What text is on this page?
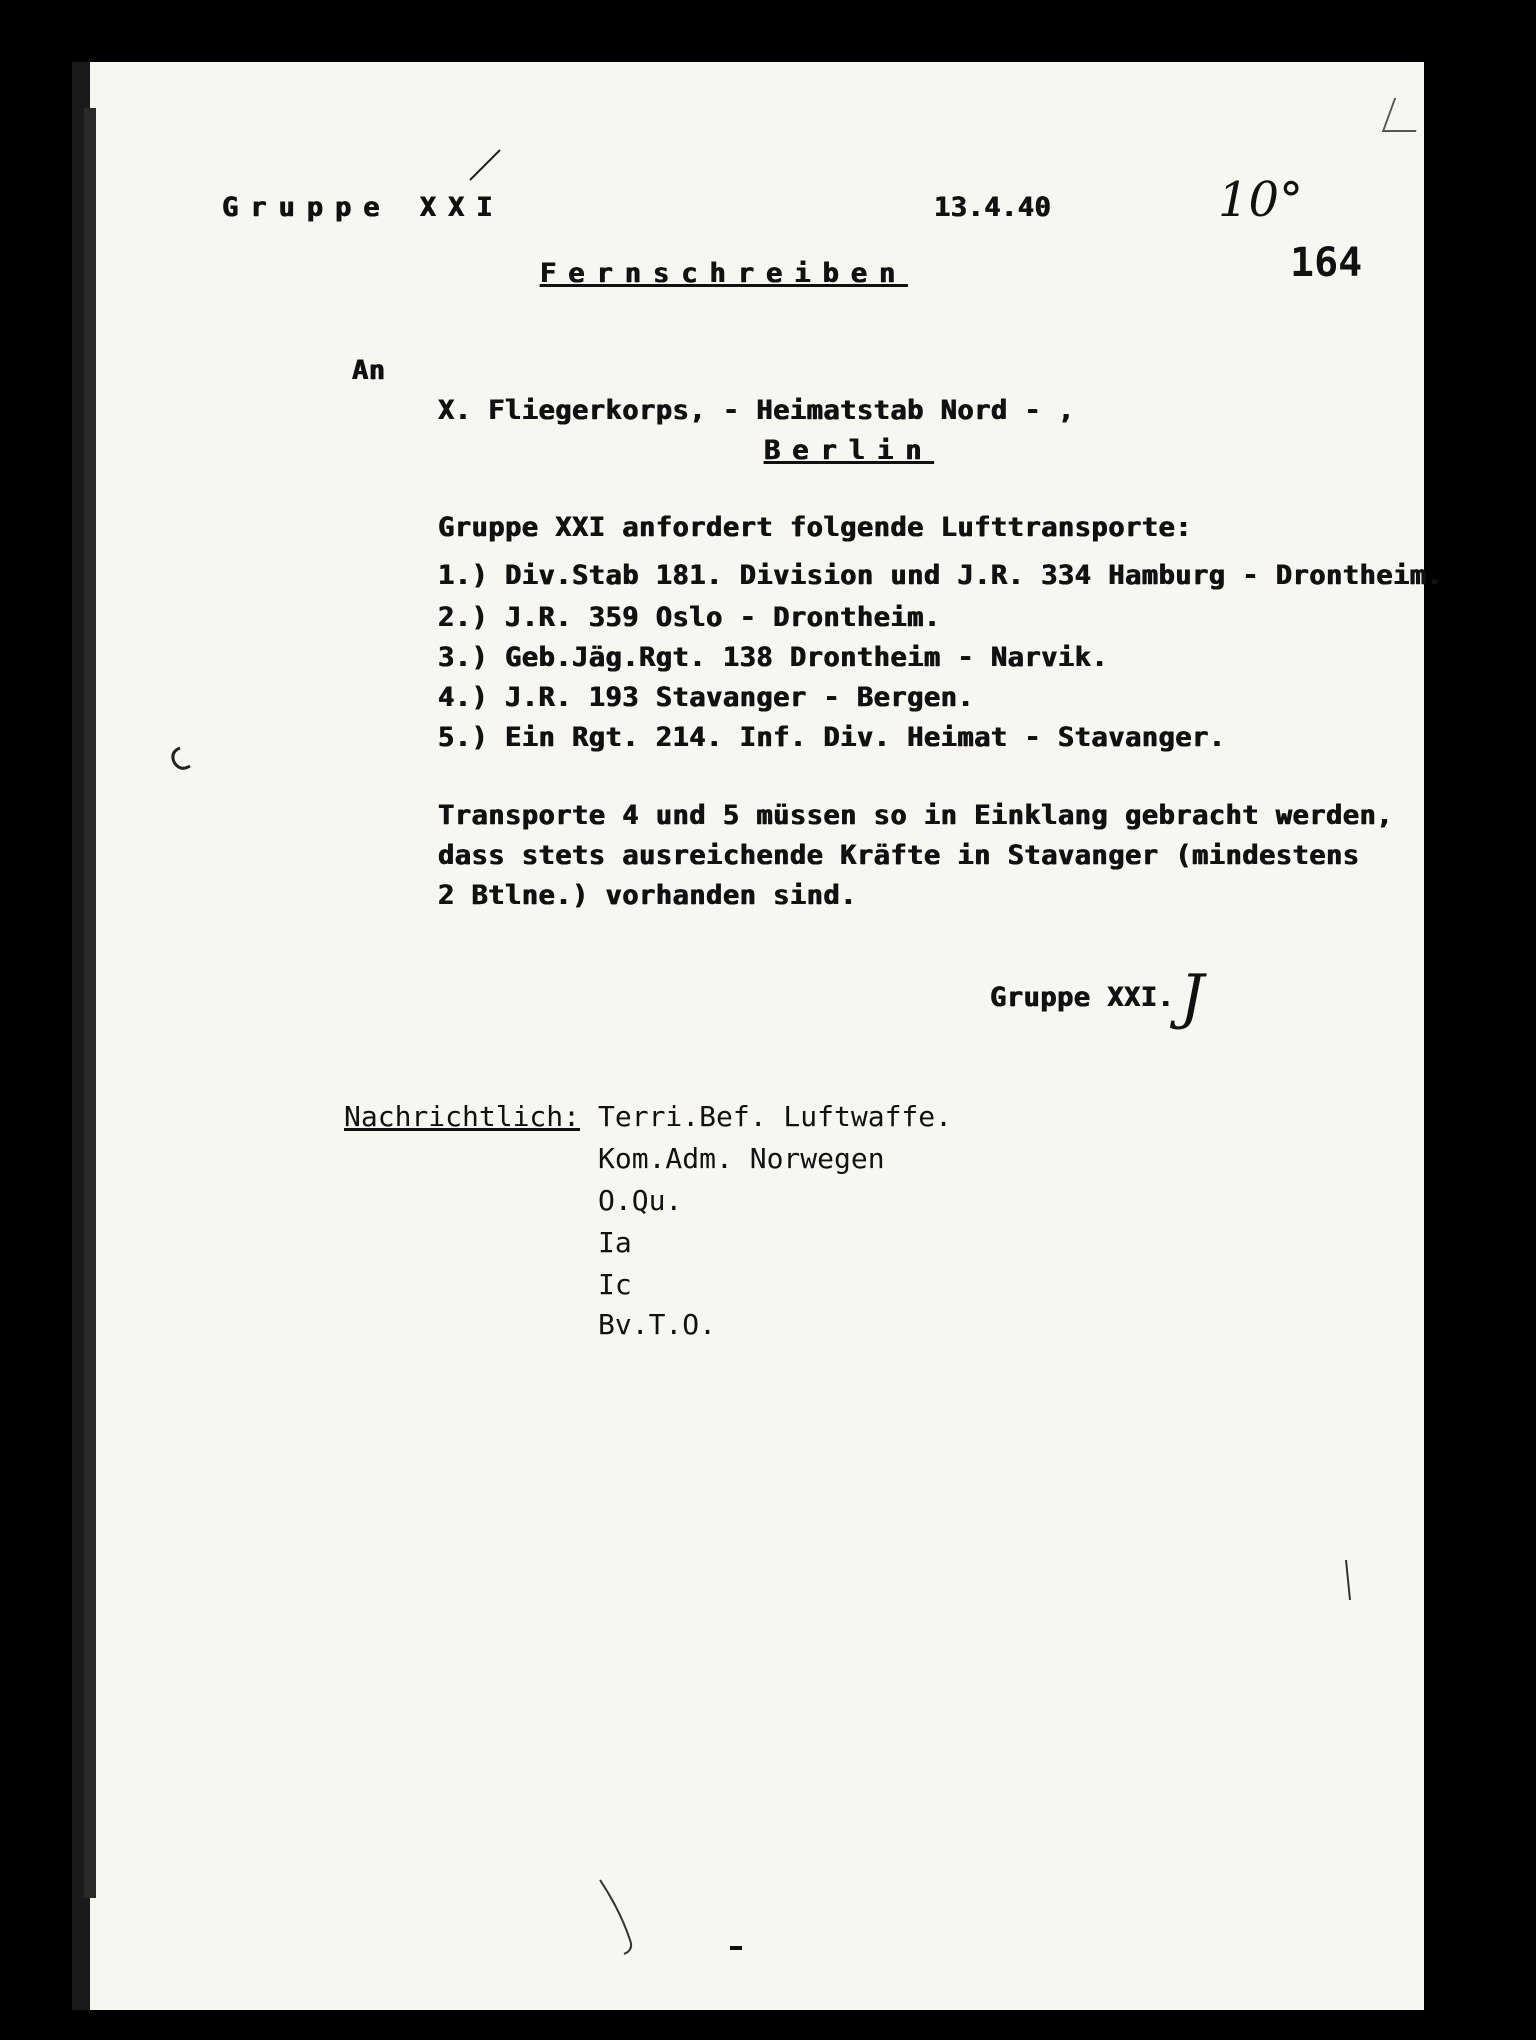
Gruppe XXI	13.4.40	10°
164
Fernschreiben
An
X. Fliegerkorps, - Heimatstab Nord - ,
Berlin
Gruppe XXI anfordert folgende Lufttransporte:
1.) Div.Stab 181. Division und J.R. 334 Hamburg - Drontheim.
2.) J.R. 359 Oslo - Drontheim.
3.) Geb.Jäg.Rgt. 138 Drontheim - Narvik.
4.) J.R. 193 Stavanger - Bergen.
5.) Ein Rgt. 214. Inf. Div. Heimat - Stavanger.
Transporte 4 und 5 müssen so in Einklang gebracht werden,
dass stets ausreichende Kräfte in Stavanger (mindestens
2 Btlne.) vorhanden sind.
Gruppe XXI. J
Nachrichtlich: Terri.Bef. Luftwaffe.
Kom.Adm. Norwegen
O.Qu.
Ia
Ic
Bv.T.O.
